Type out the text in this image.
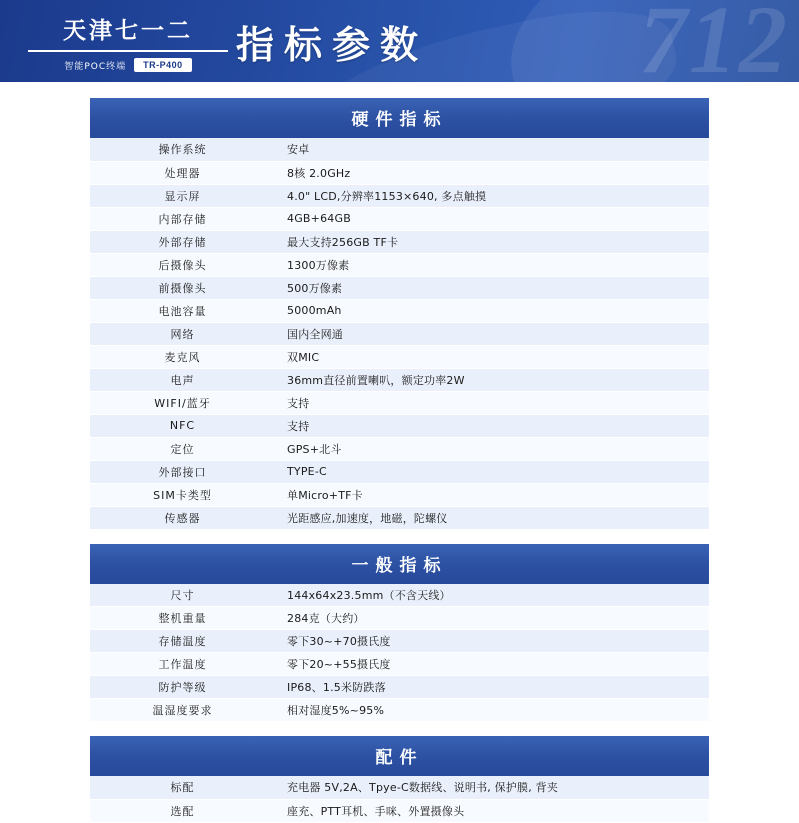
712
天津七一二
智能POC终端	TR-P400 指标参数
硬件指标
操作系统	安卓
处理器	8核 2.0GHz
显示屏	4.0" LCD,分辨率1153×640, 多点触摸
内部存储	4GB+64GB
外部存储	最大支持256GB TF卡
后摄像头	1300万像素
前摄像头	500万像素
电池容量	5000mAh
网络	国内全网通
麦克风	双MIC
电声	36mm直径前置喇叭，额定功率2W
WIFI/蓝牙	支持
NFC	支持
定位	GPS+北斗
外部接口	TYPE-C
SIM卡类型	单Micro+TF卡
传感器	光距感应,加速度，地磁，陀螺仪
一般指标
尺寸	144x64x23.5mm（不含天线）
整机重量	284克（大约）
存储温度	零下30~+70摄氏度
工作温度	零下20~+55摄氏度
防护等级	IP68、1.5米防跌落
温湿度要求	相对湿度5%~95%
配件
标配	充电器 5V,2A、Tpye-C数据线、说明书, 保护膜, 背夹
选配	座充、PTT耳机、手咪、外置摄像头
